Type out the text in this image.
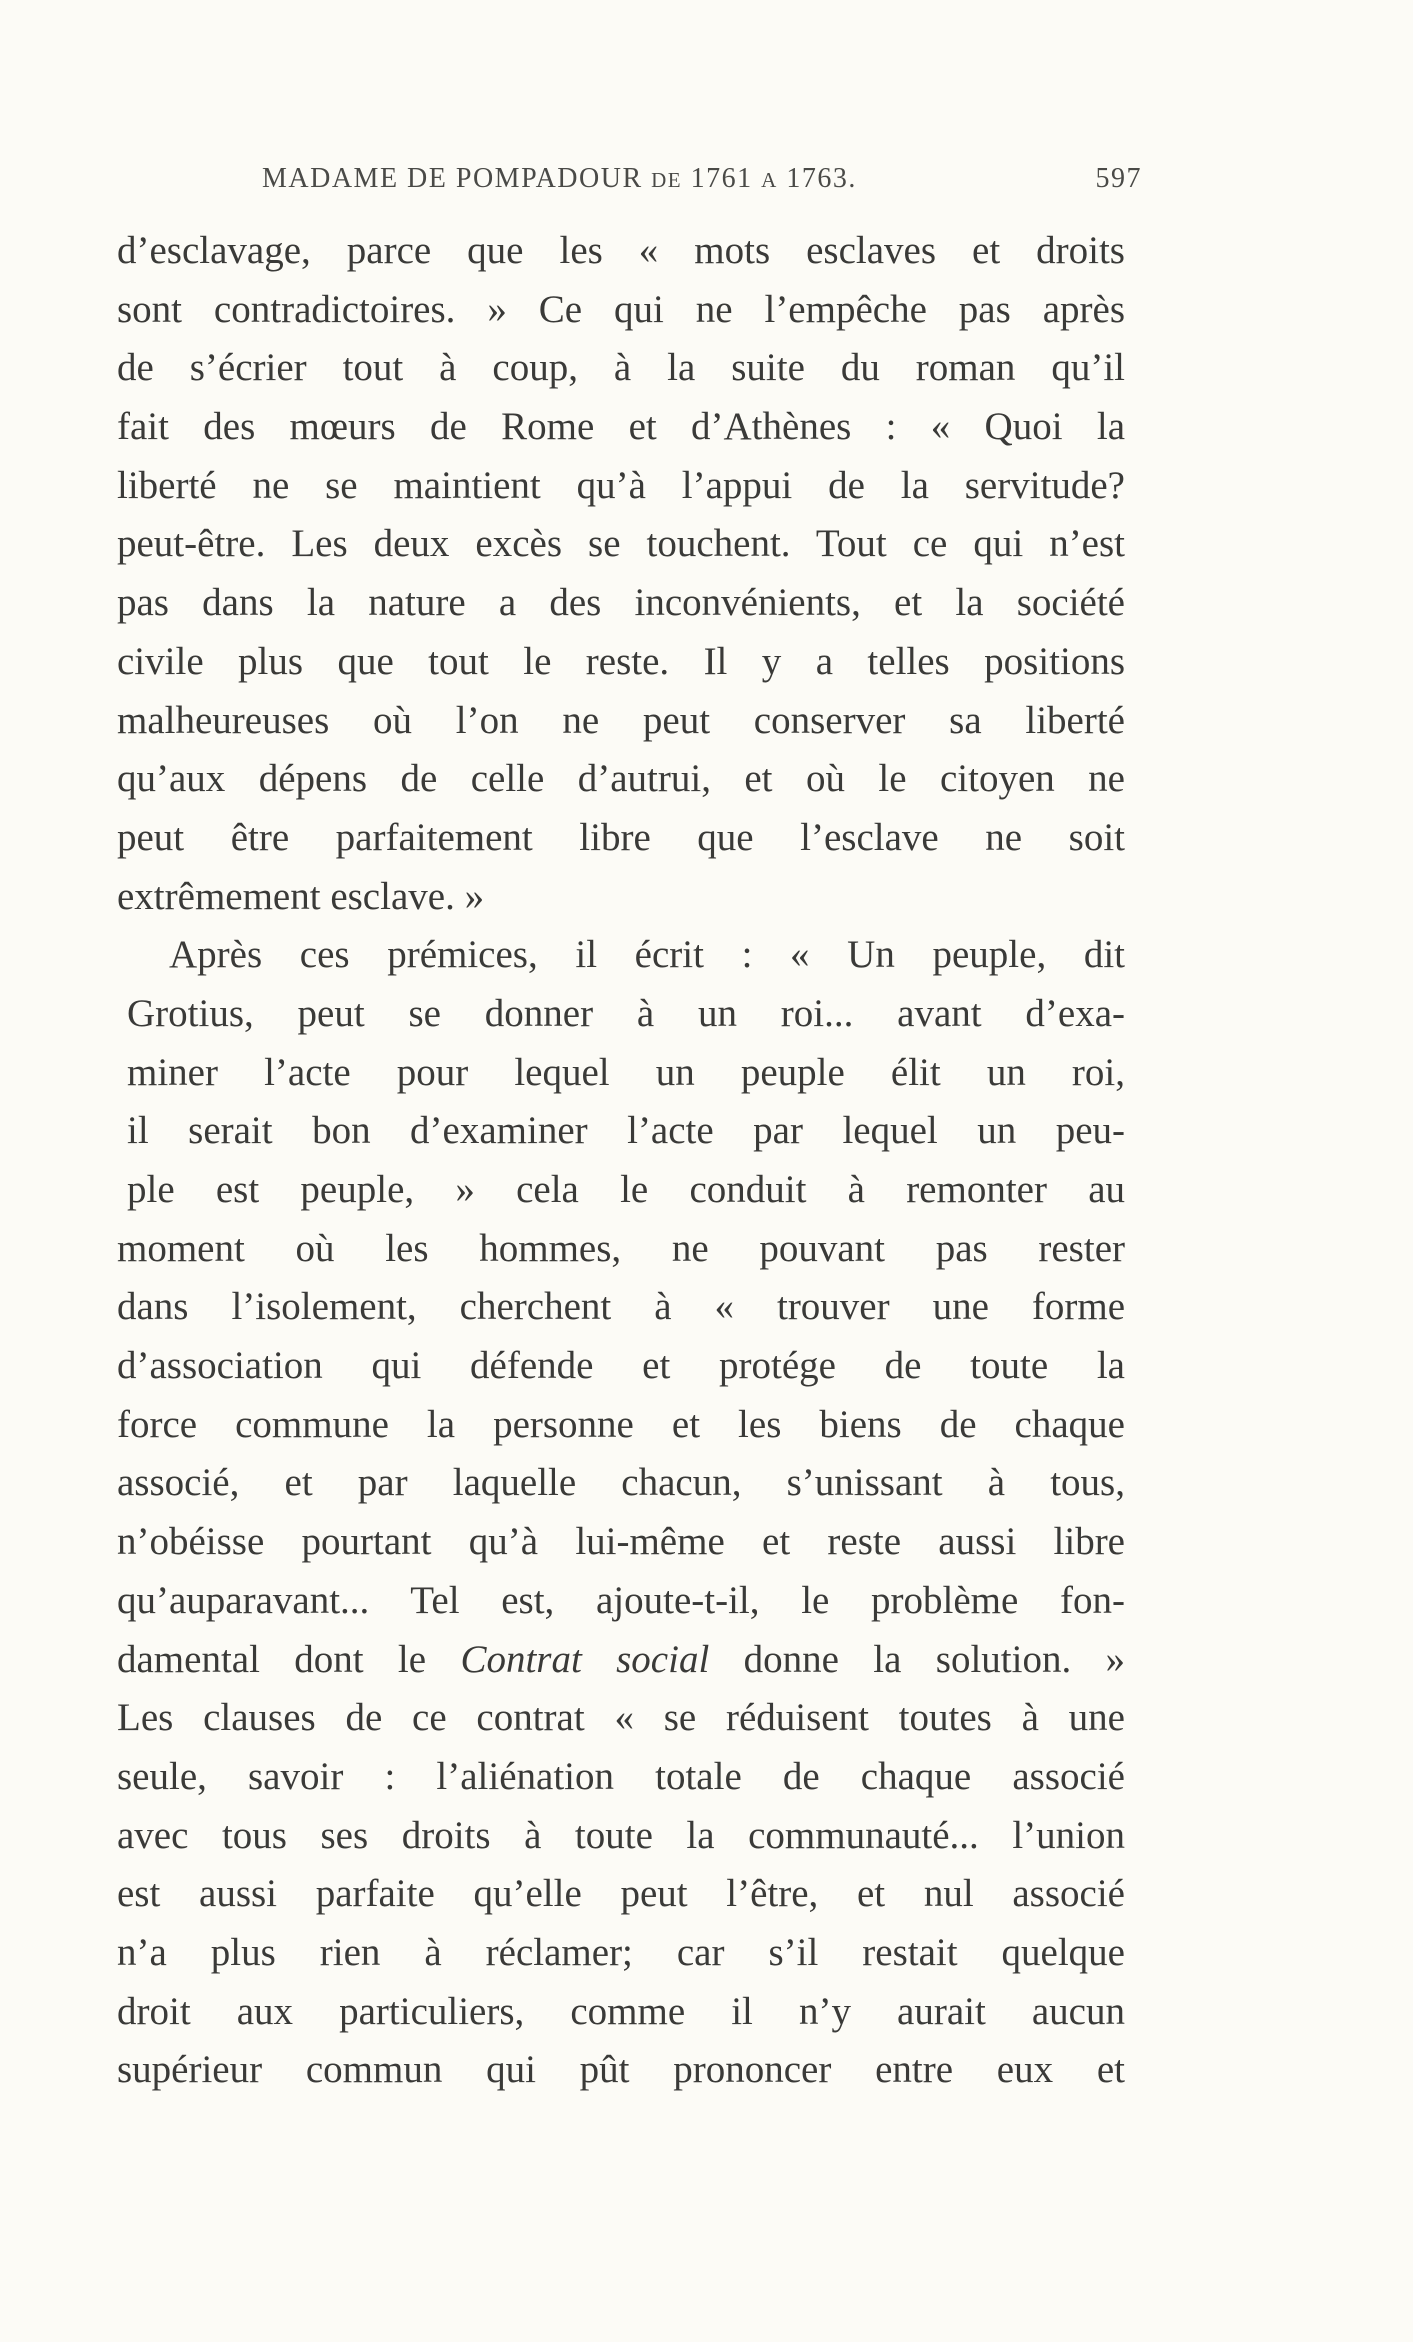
MADAME DE POMPADOUR DE 1761 A 1763.	597
d’esclavage, parce que les « mots esclaves et droits
sont contradictoires. » Ce qui ne l’empêche pas après
de s’écrier tout à coup, à la suite du roman qu’il
fait des mœurs de Rome et d’Athènes : « Quoi la
liberté ne se maintient qu’à l’appui de la servitude?
peut-être. Les deux excès se touchent. Tout ce qui n’est
pas dans la nature a des inconvénients, et la société
civile plus que tout le reste. Il y a telles positions
malheureuses où l’on ne peut conserver sa liberté
qu’aux dépens de celle d’autrui, et où le citoyen ne
peut être parfaitement libre que l’esclave ne soit
extrêmement esclave. »
Après ces prémices, il écrit : « Un peuple, dit
Grotius, peut se donner à un roi... avant d’exa-
miner l’acte pour lequel un peuple élit un roi,
il serait bon d’examiner l’acte par lequel un peu-
ple est peuple, » cela le conduit à remonter au
moment où les hommes, ne pouvant pas rester
dans l’isolement, cherchent à « trouver une forme
d’association qui défende et protége de toute la
force commune la personne et les biens de chaque
associé, et par laquelle chacun, s’unissant à tous,
n’obéisse pourtant qu’à lui-même et reste aussi libre
qu’auparavant... Tel est, ajoute-t-il, le problème fon-
damental dont le Contrat social donne la solution. »
Les clauses de ce contrat « se réduisent toutes à une
seule, savoir : l’aliénation totale de chaque associé
avec tous ses droits à toute la communauté... l’union
est aussi parfaite qu’elle peut l’être, et nul associé
n’a plus rien à réclamer; car s’il restait quelque
droit aux particuliers, comme il n’y aurait aucun
supérieur commun qui pût prononcer entre eux et
